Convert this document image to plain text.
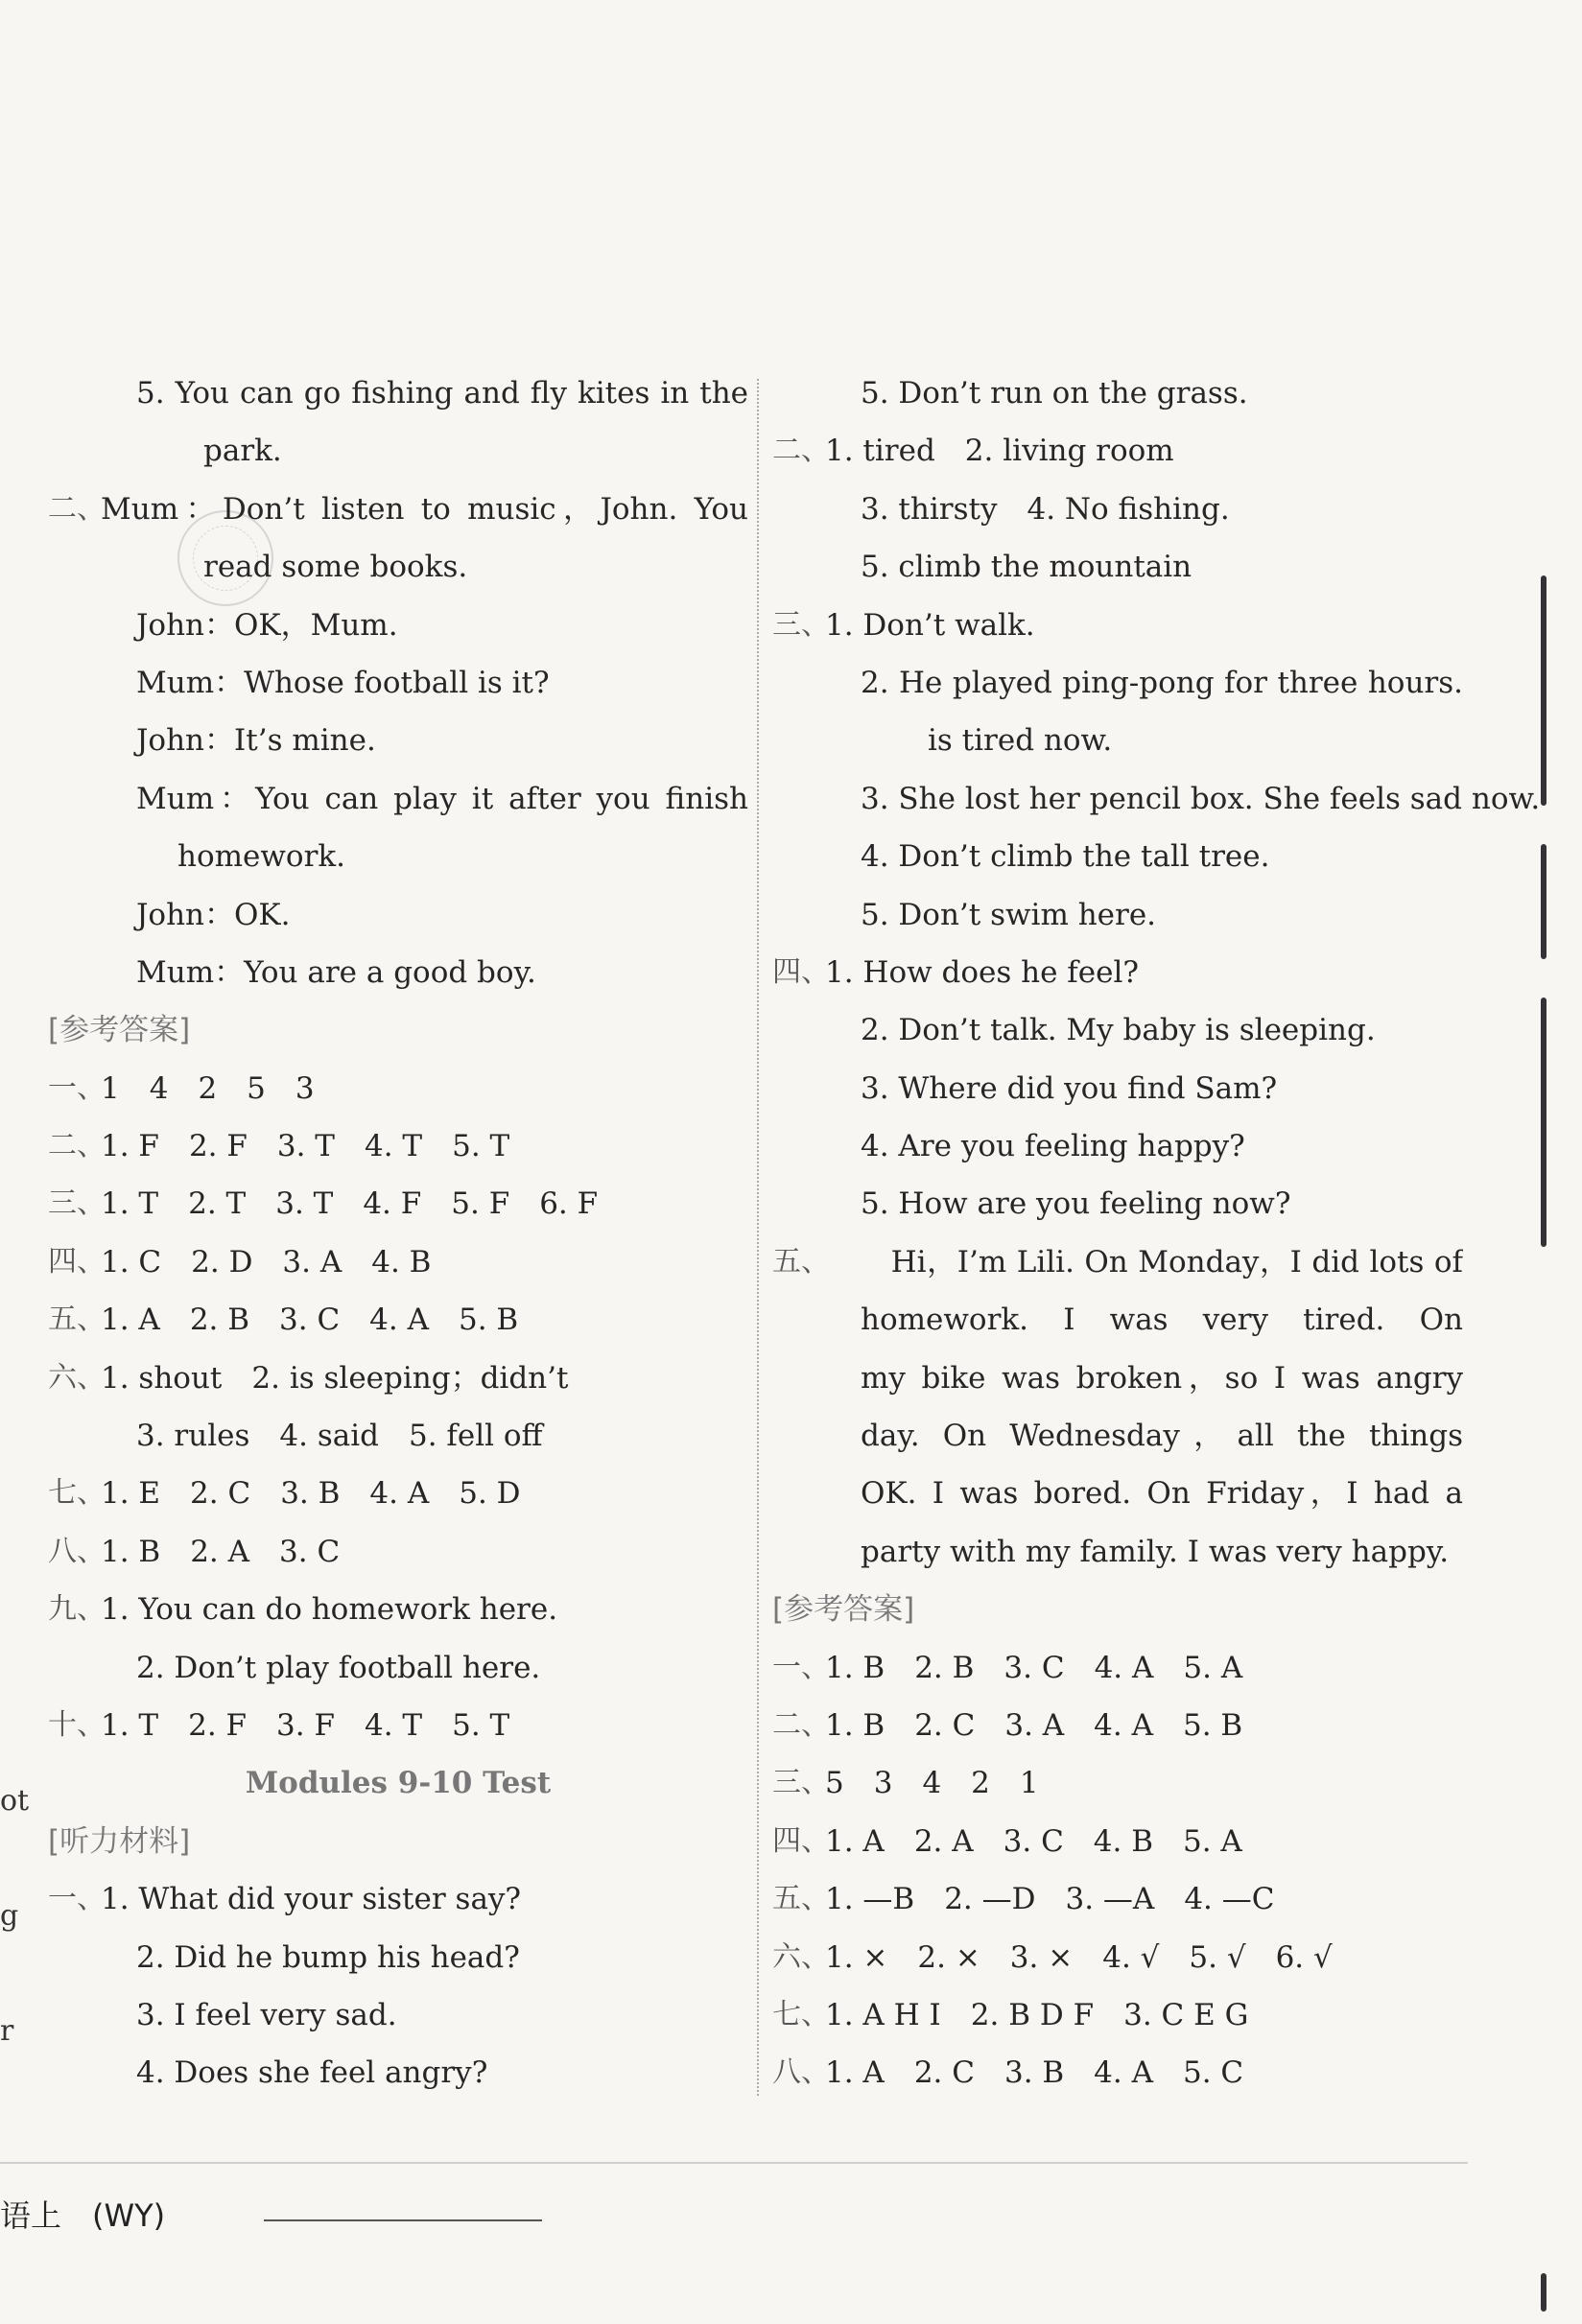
5. You can go fishing and fly kites in the
park.
二、
Mum：Don’t listen to music，John. You
read some books.
John：OK，Mum.
Mum：Whose football is it?
John：It’s mine.
Mum：You can play it after you finish
homework.
John：OK.
Mum：You are a good boy.
[参考答案]
一、
1　4　2　5　3
二、
1. F　2. F　3. T　4. T　5. T
三、
1. T　2. T　3. T　4. F　5. F　6. F
四、
1. C　2. D　3. A　4. B
五、
1. A　2. B　3. C　4. A　5. B
六、
1. shout　2. is sleeping；didn’t
3. rules　4. said　5. fell off
七、
1. E　2. C　3. B　4. A　5. D
八、
1. B　2. A　3. C
九、
1. You can do homework here.
2. Don’t play football here.
十、
1. T　2. F　3. F　4. T　5. T
Modules 9-10 Test
[听力材料]
一、
1. What did your sister say?
2. Did he bump his head?
3. I feel very sad.
4. Does she feel angry?
5. Don’t run on the grass.
二、
1. tired　2. living room
3. thirsty　4. No fishing.
5. climb the mountain
三、
1. Don’t walk.
2. He played ping-pong for three hours.
is tired now.
3. She lost her pencil box. She feels sad now.
4. Don’t climb the tall tree.
5. Don’t swim here.
四、
1. How does he feel?
2. Don’t talk. My baby is sleeping.
3. Where did you find Sam?
4. Are you feeling happy?
5. How are you feeling now?
五、 　Hi，I’m Lili. On Monday，I did lots of
homework. I was very tired. On
my bike was broken，so I was angry
day. On Wednesday，all the things
OK. I was bored. On Friday，I had a
party with my family. I was very happy.
[参考答案]
一、
1. B　2. B　3. C　4. A　5. A
二、
1. B　2. C　3. A　4. A　5. B
三、
5　3　4　2　1
四、
1. A　2. A　3. C　4. B　5. A
五、
1. —B　2. —D　3. —A　4. —C
六、
1. ×　2. ×　3. ×　4. √　5. √　6. √
七、
1. A H I　2. B D F　3. C E G
八、
1. A　2. C　3. B　4. A　5. C
ot
g
r
语上　(WY)
